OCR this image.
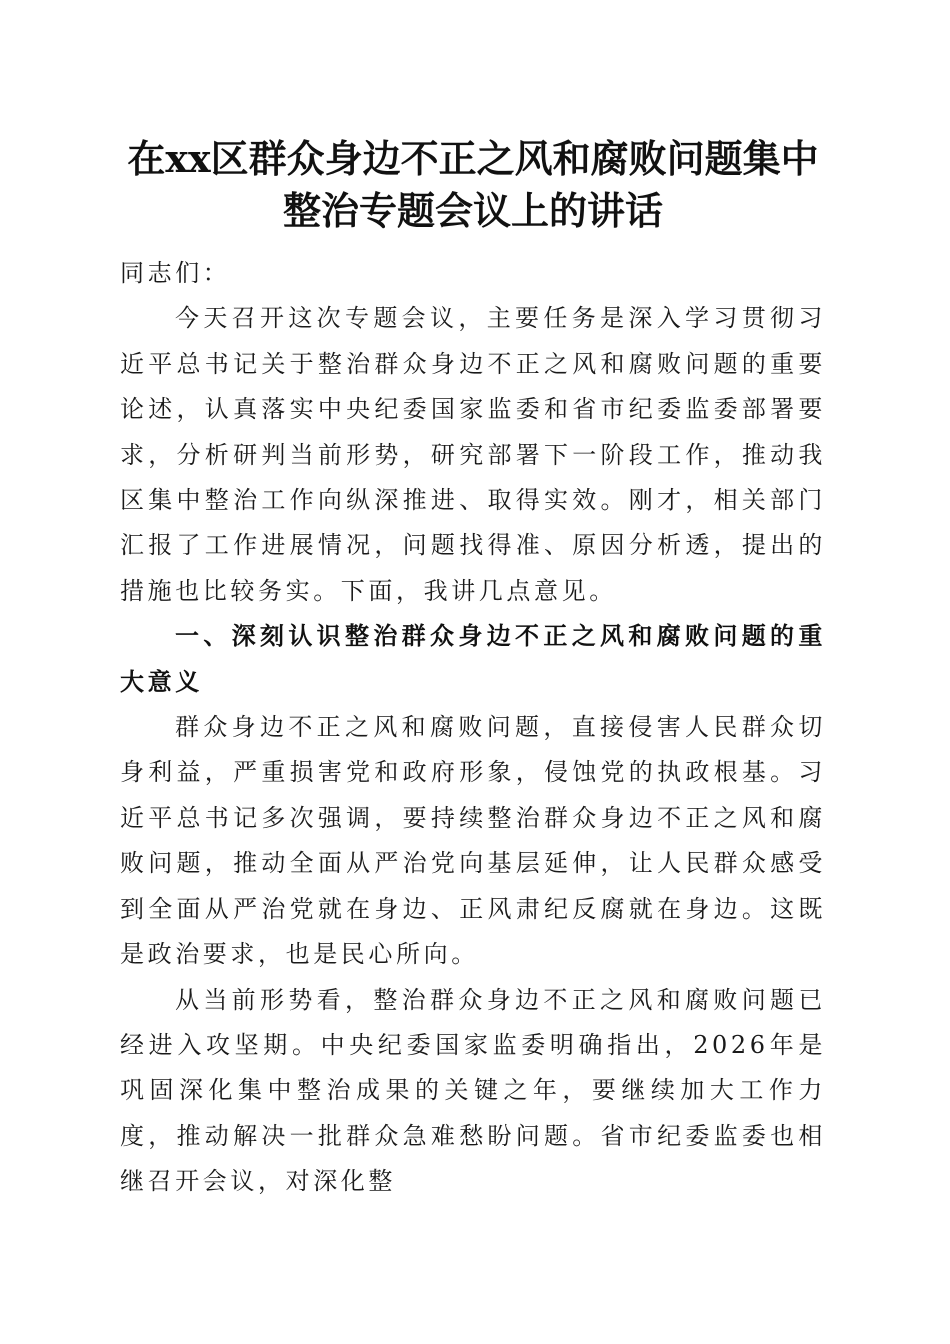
在xx区群众身边不正之风和腐败问题集中整治专题会议上的讲话

同志们：

今天召开这次专题会议，主要任务是深入学习贯彻习近平总书记关于整治群众身边不正之风和腐败问题的重要论述，认真落实中央纪委国家监委和省市纪委监委部署要求，分析研判当前形势，研究部署下一阶段工作，推动我区集中整治工作向纵深推进、取得实效。刚才，相关部门汇报了工作进展情况，问题找得准、原因分析透，提出的措施也比较务实。下面，我讲几点意见。

一、深刻认识整治群众身边不正之风和腐败问题的重大意义

群众身边不正之风和腐败问题，直接侵害人民群众切身利益，严重损害党和政府形象，侵蚀党的执政根基。习近平总书记多次强调，要持续整治群众身边不正之风和腐败问题，推动全面从严治党向基层延伸，让人民群众感受到全面从严治党就在身边、正风肃纪反腐就在身边。这既是政治要求，也是民心所向。

从当前形势看，整治群众身边不正之风和腐败问题已经进入攻坚期。中央纪委国家监委明确指出，2026年是巩固深化集中整治成果的关键之年，要继续加大工作力度，推动解决一批群众急难愁盼问题。省市纪委监委也相继召开会议，对深化整
